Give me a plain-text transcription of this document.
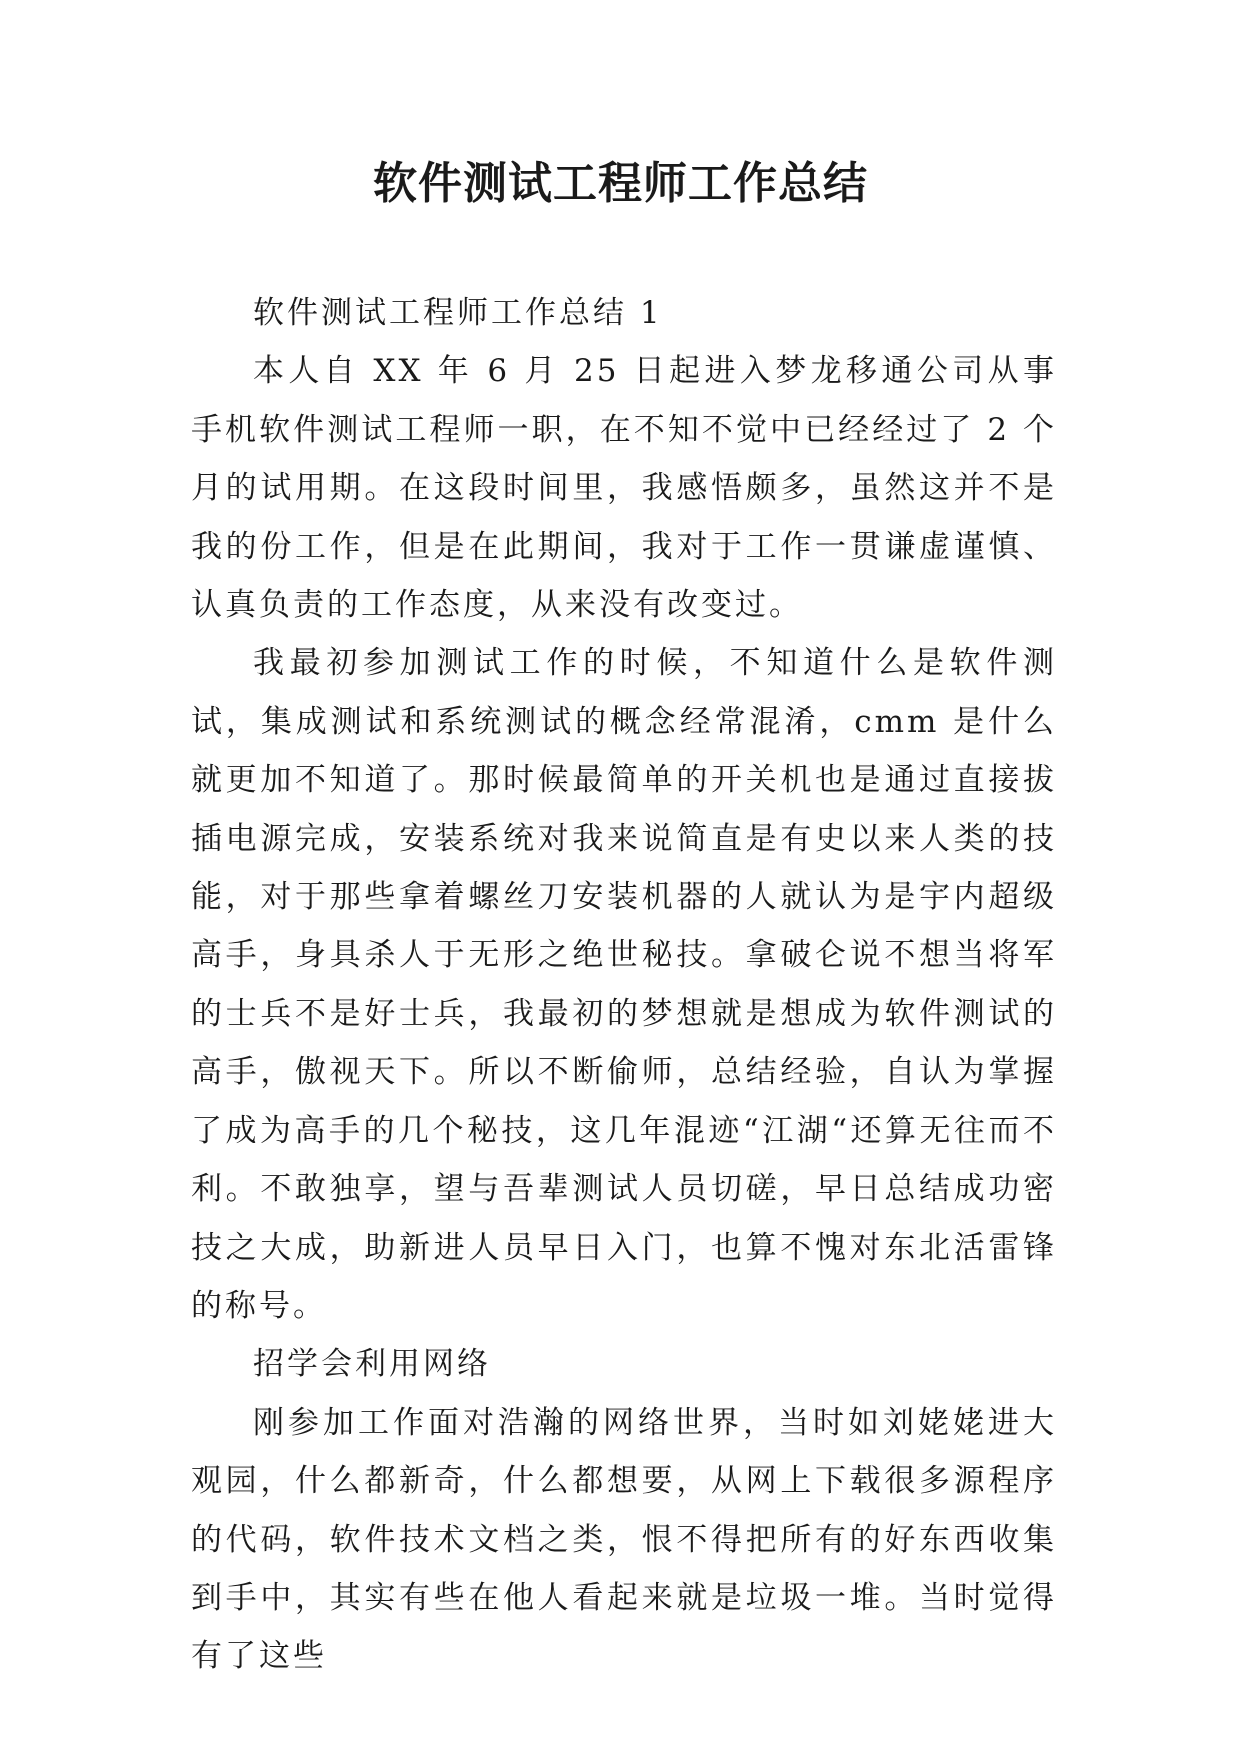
软件测试工程师工作总结

软件测试工程师工作总结 1

本人自 XX 年 6 月 25 日起进入梦龙移通公司从事手机软件测试工程师一职，在不知不觉中已经经过了 2 个月的试用期。在这段时间里，我感悟颇多，虽然这并不是我的份工作，但是在此期间，我对于工作一贯谦虚谨慎、认真负责的工作态度，从来没有改变过。

我最初参加测试工作的时候，不知道什么是软件测试，集成测试和系统测试的概念经常混淆，cmm 是什么就更加不知道了。那时候最简单的开关机也是通过直接拔插电源完成，安装系统对我来说简直是有史以来人类的技能，对于那些拿着螺丝刀安装机器的人就认为是宇内超级高手，身具杀人于无形之绝世秘技。拿破仑说不想当将军的士兵不是好士兵，我最初的梦想就是想成为软件测试的高手，傲视天下。所以不断偷师，总结经验，自认为掌握了成为高手的几个秘技，这几年混迹“江湖“还算无往而不利。不敢独享，望与吾辈测试人员切磋，早日总结成功密技之大成，助新进人员早日入门，也算不愧对东北活雷锋的称号。

招学会利用网络

刚参加工作面对浩瀚的网络世界，当时如刘姥姥进大观园，什么都新奇，什么都想要，从网上下载很多源程序的代码，软件技术文档之类，恨不得把所有的好东西收集到手中，其实有些在他人看起来就是垃圾一堆。当时觉得有了这些
